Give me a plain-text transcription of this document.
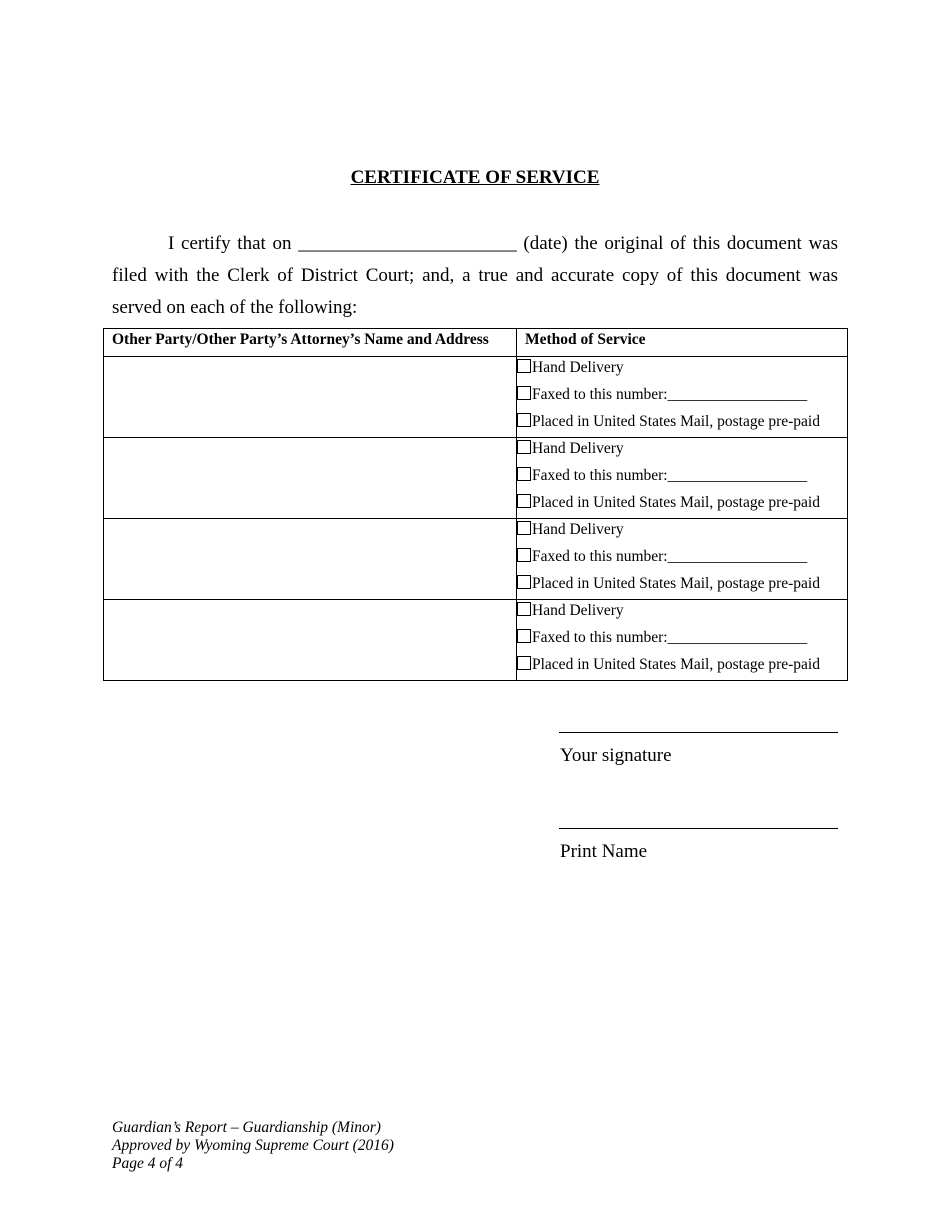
CERTIFICATE OF SERVICE

I certify that on _______________________ (date) the original of this document was filed with the Clerk of District Court; and, a true and accurate copy of this document was served on each of the following:

Other Party/Other Party’s Attorney’s Name and Address	Method of Service

	Hand Delivery
Faxed to this number:__________________
Placed in United States Mail, postage pre-paid

	Hand Delivery
Faxed to this number:__________________
Placed in United States Mail, postage pre-paid

	Hand Delivery
Faxed to this number:__________________
Placed in United States Mail, postage pre-paid

	Hand Delivery
Faxed to this number:__________________
Placed in United States Mail, postage pre-paid
Your signature
Print Name
Guardian’s Report – Guardianship (Minor)
Approved by Wyoming Supreme Court (2016)
Page 4 of 4
